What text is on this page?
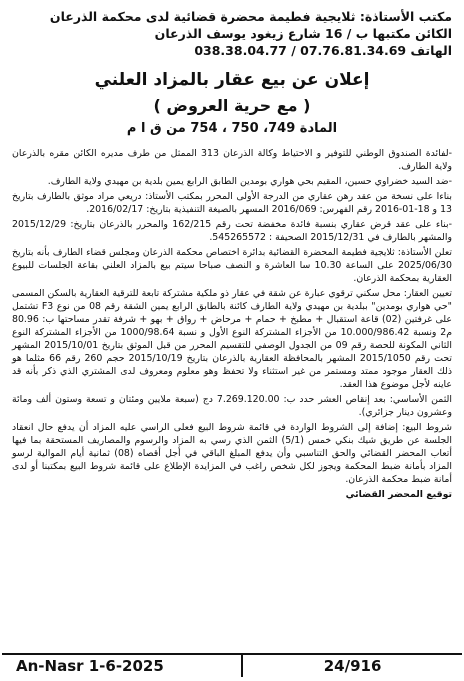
مكتب الأستاذة: ثلايجية فطيمة محضرة قضائية لدى محكمة الذرعان
الكائن مكتبها ب / 16 شارع زيغود يوسف الذرعان
الهاتف 07.76.81.34.69 / 038.38.04.77
إعلان عن بيع عقار بالمزاد العلني
( مع حرية العروض )
المادة 749، 750 ، 754 من ق ا م

-لفائدة الصندوق الوطني للتوفير و الاحتياط وكالة الذرعان 313 الممثل من طرف مديره الكائن مقره بالذرعان ولاية الطارف.

-ضد السيد خضراوي حسين، المقيم بحي هواري بومدين الطابق الرابع يمين بلدية بن مهيدي ولاية الطارف.

بناءا على نسخة من عقد رهن عقاري من الدرجة الأولى المحرر بمكتب الأستاذ: دريعي مراد موثق بالطارف بتاريخ 13 و 18-01-2016 رقم الفهرس: 2016/069 المسهر بالصيغة التنفيذية بتاريخ: 2016/02/17.

-بناء على عقد قرض عقاري بنسبة فائدة مخفضة تحت رقم 162/215 والمحرر بالذرعان بتاريخ: 2015/12/29 والمشهر بالطارف في 2015/12/31 الصحيفة : 545265572.

تعلن الأستاذة: ثلايجية فطيمة المحضرة القضائية بدائرة اختصاص محكمة الذرعان ومجلس قضاء الطارف بأنه بتاريخ 2025/06/30 على الساعة 10.30 سا العاشرة و النصف صباحا سيتم بيع بالمزاد العلني بقاعة الجلسات للبيوع العقارية بمحكمة الذرعان.

تعيين العقار: محل سكني ترقوي عبارة عن شقة في عقار ذو ملكية مشتركة تابعة للترقية العقارية بالسكن المسمى "حي هواري بومدين" ببلدية بن مهيدي ولاية الطارف كائنة بالطابق الرابع يمين الشقة رقم 08 من نوع F3 تشتمل على غرفتين (02) قاعة استقبال + مطبخ + حمام + مرحاض + رواق + بهو + شرفة تقدر مساحتها ب: 80.96 م2 ونسبة 10.000/986.42 من الأجزاء المشتركة النوع الأول و نسبة 1000/98.64 من الأجزاء المشتركة النوع الثاني المكونة للحصة رقم 09 من الجدول الوصفي للتقسيم المحرر من قبل الموثق بتاريخ 2015/10/01 المشهر تحت رقم 2015/1050 المشهر بالمحافظة العقارية بالذرعان بتاريخ 2015/10/19 حجم 260 رقم 66 مثلما هو ذلك العقار موجود ممتد ومستمر من غير استثناء ولا تحفظ وهو معلوم ومعروف لدى المشتري الذي ذكر بأنه قد عاينه لأجل موضوع هذا العقد.

الثمن الأساسي: بعد إنقاص العشر حدد ب: 7.269.120.00 دج (سبعة ملايين ومئتان و تسعة وستون ألف ومائة وعشرون دينار جزائري).

شروط البيع: إضافة إلى الشروط الواردة في قائمة شروط البيع فعلى الراسي عليه المزاد أن يدفع حال انعقاد الجلسة عن طريق شيك بنكي خمس (5/1) الثمن الذي رسي به المزاد والرسوم والمصاريف المستحقة بما فيها أتعاب المحضر القضائي والحق التناسبي وأن يدفع المبلغ الباقي في أجل أقصاه (08) ثمانية أيام الموالية لرسو المزاد بأمانة ضبط المحكمة ويجوز لكل شخص راغب في المزايدة الإطلاع على قائمة شروط البيع بمكتبنا أو لدى أمانة ضبط محكمة الذرعان.

توقيع المحضر القضائي

An-Nasr 1-6-2025	24/916
